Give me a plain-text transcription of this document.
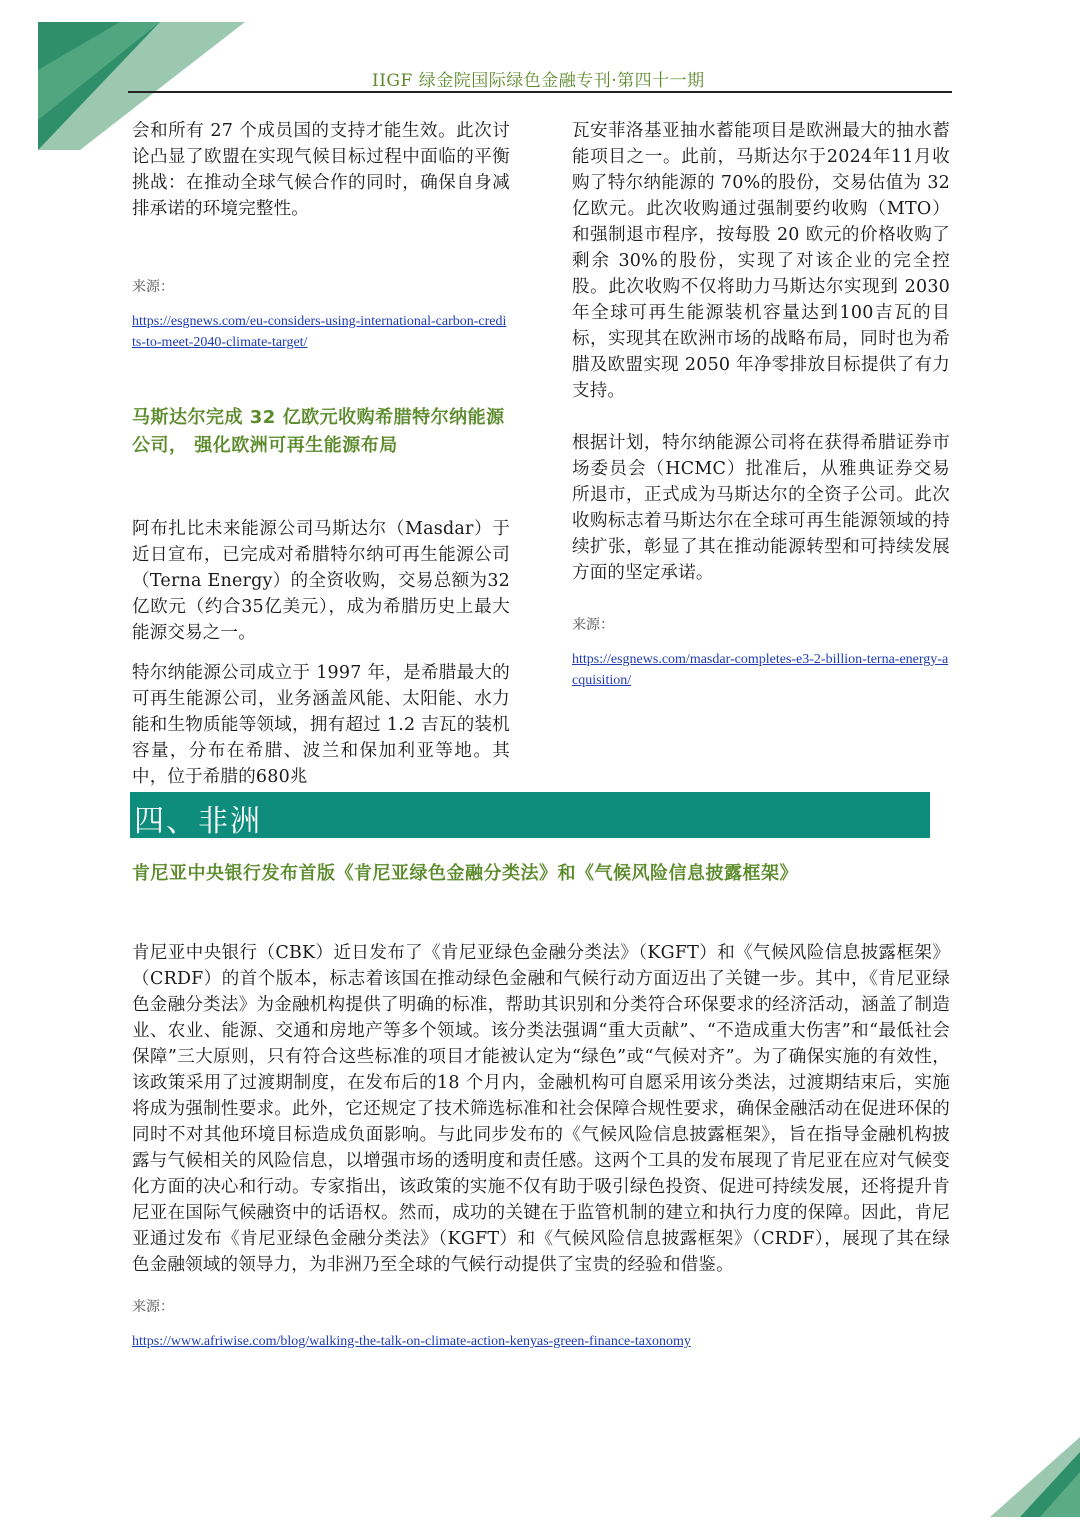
IIGF 绿金院国际绿色金融专刊·第四十一期

会和所有 27 个成员国的支持才能生效。此次讨论凸显了欧盟在实现气候目标过程中面临的平衡挑战：在推动全球气候合作的同时，确保自身减排承诺的环境完整性。

来源：
https://esgnews.com/eu-considers-using-international-carbon-credits-to-meet-2040-climate-target/
马斯达尔完成 32 亿欧元收购希腊特尔纳能源公司， 强化欧洲可再生能源布局

阿布扎比未来能源公司马斯达尔（Masdar）于近日宣布，已完成对希腊特尔纳可再生能源公司（Terna Energy）的全资收购，交易总额为32亿欧元（约合35亿美元），成为希腊历史上最大能源交易之一。

特尔纳能源公司成立于 1997 年，是希腊最大的可再生能源公司，业务涵盖风能、太阳能、水力能和生物质能等领域，拥有超过 1.2 吉瓦的装机容量，分布在希腊、波兰和保加利亚等地。其中，位于希腊的680兆

瓦安菲洛基亚抽水蓄能项目是欧洲最大的抽水蓄能项目之一。此前，马斯达尔于2024年11月收购了特尔纳能源的 70%的股份，交易估值为 32 亿欧元。此次收购通过强制要约收购（MTO）和强制退市程序，按每股 20 欧元的价格收购了剩余 30%的股份，实现了对该企业的完全控股。此次收购不仅将助力马斯达尔实现到 2030 年全球可再生能源装机容量达到100吉瓦的目标，实现其在欧洲市场的战略布局，同时也为希腊及欧盟实现 2050 年净零排放目标提供了有力支持。

根据计划，特尔纳能源公司将在获得希腊证券市场委员会（HCMC）批准后，从雅典证券交易所退市，正式成为马斯达尔的全资子公司。此次收购标志着马斯达尔在全球可再生能源领域的持续扩张，彰显了其在推动能源转型和可持续发展方面的坚定承诺。

来源：
https://esgnews.com/masdar-completes-e3-2-billion-terna-energy-acquisition/
四、非洲
肯尼亚中央银行发布首版《肯尼亚绿色金融分类法》和《气候风险信息披露框架》

肯尼亚中央银行（CBK）近日发布了《肯尼亚绿色金融分类法》（KGFT）和《气候风险信息披露框架》（CRDF）的首个版本，标志着该国在推动绿色金融和气候行动方面迈出了关键一步。其中，《肯尼亚绿色金融分类法》为金融机构提供了明确的标准，帮助其识别和分类符合环保要求的经济活动，涵盖了制造业、农业、能源、交通和房地产等多个领域。该分类法强调“重大贡献”、“不造成重大伤害”和“最低社会保障”三大原则，只有符合这些标准的项目才能被认定为“绿色”或“气候对齐”。为了确保实施的有效性，该政策采用了过渡期制度，在发布后的18 个月内，金融机构可自愿采用该分类法，过渡期结束后，实施将成为强制性要求。此外，它还规定了技术筛选标准和社会保障合规性要求，确保金融活动在促进环保的同时不对其他环境目标造成负面影响。与此同步发布的《气候风险信息披露框架》，旨在指导金融机构披露与气候相关的风险信息，以增强市场的透明度和责任感。这两个工具的发布展现了肯尼亚在应对气候变化方面的决心和行动。专家指出，该政策的实施不仅有助于吸引绿色投资、促进可持续发展，还将提升肯尼亚在国际气候融资中的话语权。然而，成功的关键在于监管机制的建立和执行力度的保障。因此，肯尼亚通过发布《肯尼亚绿色金融分类法》（KGFT）和《气候风险信息披露框架》（CRDF），展现了其在绿色金融领域的领导力，为非洲乃至全球的气候行动提供了宝贵的经验和借鉴。

来源：
https://www.afriwise.com/blog/walking-the-talk-on-climate-action-kenyas-green-finance-taxonomy
